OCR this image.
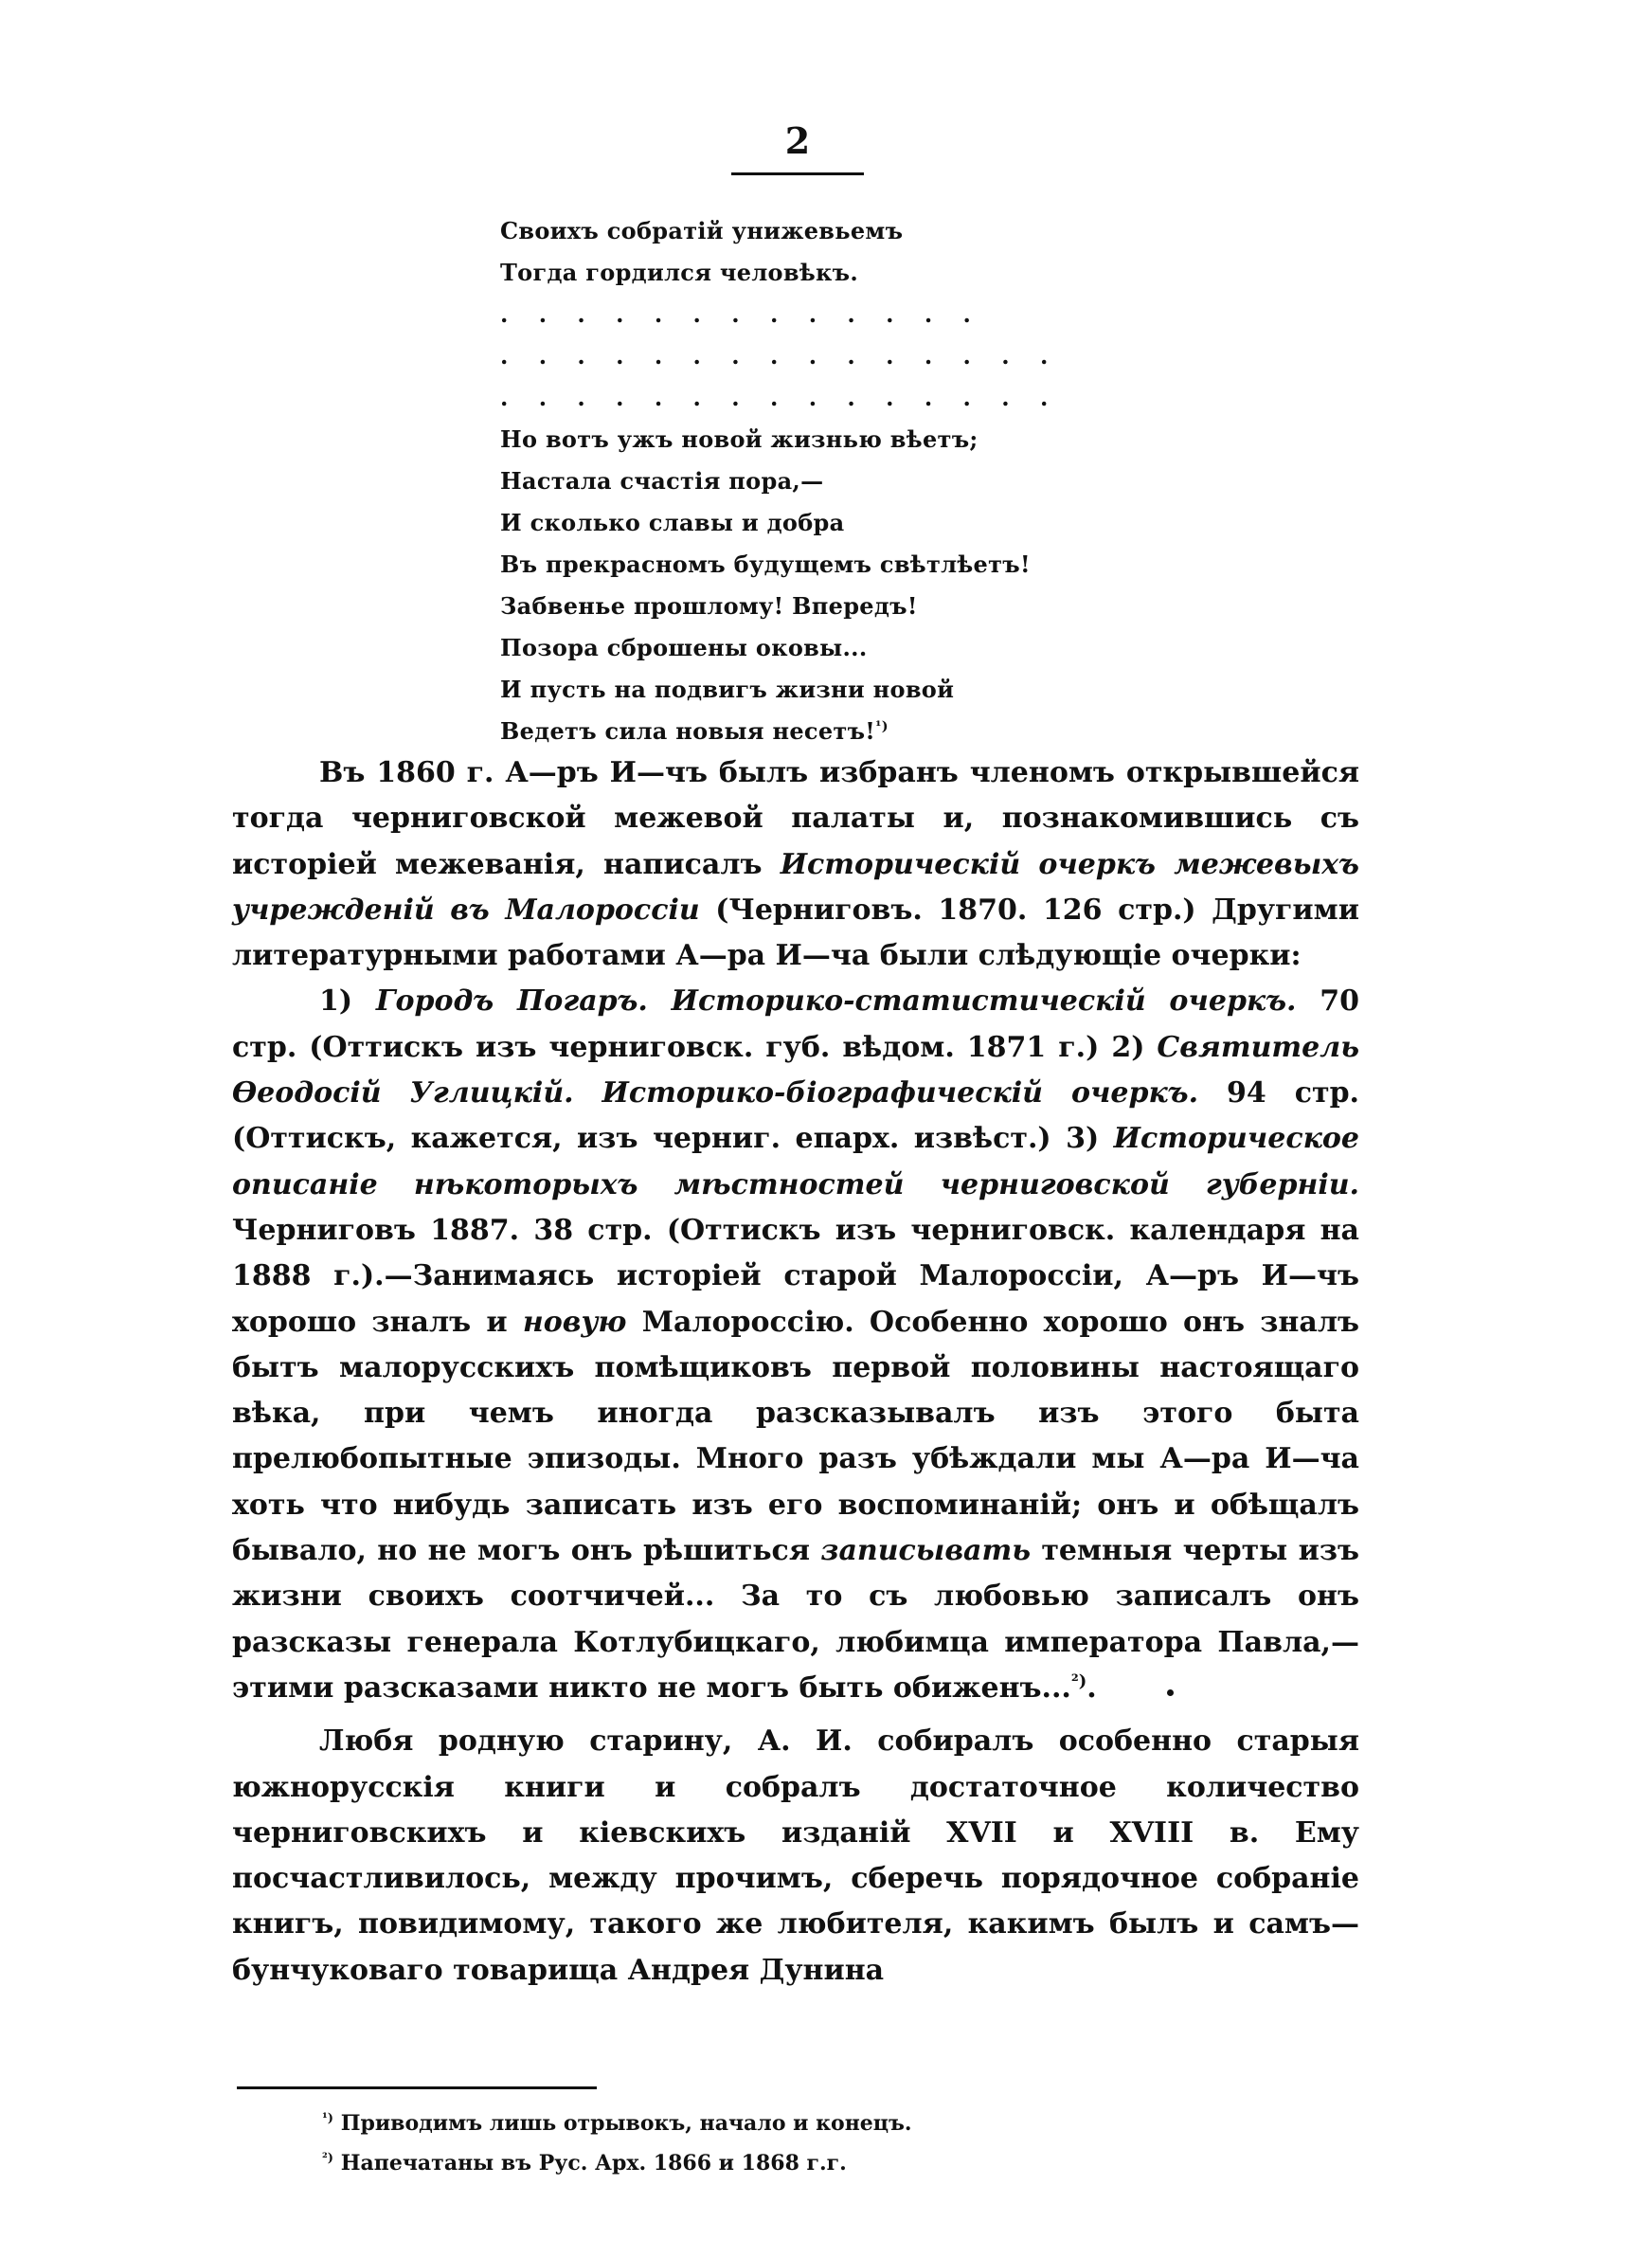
2
Своихъ собратій унижевьемъ
Тогда гордился человѣкъ.
. . . . . . . . . . . . .
. . . . . . . . . . . . . . .
. . . . . . . . . . . . . . .
Но вотъ ужъ новой жизнью вѣетъ;
Настала счастія пора,—
И сколько славы и добра
Въ прекрасномъ будущемъ свѣтлѣетъ!
Забвенье прошлому! Впередъ!
Позора сброшены оковы...
И пусть на подвигъ жизни новой
Ведетъ сила новыя несетъ!$^{^1)}$

Въ 1860 г. А—ръ И—чъ былъ избранъ членомъ открывшейся тогда черниговской межевой палаты и, познакомившись съ исторіей межеванія, написалъ Историческій очеркъ межевыхъ учрежденій въ Малороссіи (Черниговъ. 1870. 126 стр.) Другими литературными работами А—ра И—ча были слѣдующіе очерки:

1) Городъ Погаръ. Историко-статистическій очеркъ. 70 стр. (Оттискъ изъ черниговск. губ. вѣдом. 1871 г.) 2) Святитель Ѳеодосій Углицкій. Историко-біографическій очеркъ. 94 стр. (Оттискъ, кажется, изъ черниг. епарх. извѣст.) 3) Историческое описаніе нѣкоторыхъ мѣстностей черниговской губерніи. Черниговъ 1887. 38 стр. (Оттискъ изъ черниговск. календаря на 1888 г.).—Занимаясь исторіей старой Малороссіи, А—ръ И—чъ хорошо зналъ и новую Малороссію. Особенно хорошо онъ зналъ бытъ малорусскихъ помѣщиковъ первой половины настоящаго вѣка, при чемъ иногда разсказывалъ изъ этого быта прелюбопытные эпизоды. Много разъ убѣждали мы А—ра И—ча хоть что нибудь записать изъ его воспоминаній; онъ и обѣщалъ бывало, но не могъ онъ рѣшиться записывать темныя черты изъ жизни своихъ соотчичей... За то съ любовью записалъ онъ разсказы генерала Котлубицкаго, любимца императора Павла,—этими разсказами никто не могъ быть обиженъ...$^{^2)}$.

Любя родную старину, А. И. собиралъ особенно старыя южнорусскія книги и собралъ достаточное количество черниговскихъ и кіевскихъ изданій XVII и XVIII в. Ему посчастливилось, между прочимъ, сберечь порядочное собраніе книгъ, повидимому, такого же любителя, какимъ былъ и самъ—бунчуковаго товарища Андрея Дунина

$^{^1)}$ Приводимъ лишь отрывокъ, начало и конецъ.
$^{^2)}$ Напечатаны въ Рус. Арх. 1866 и 1868 г.г.
